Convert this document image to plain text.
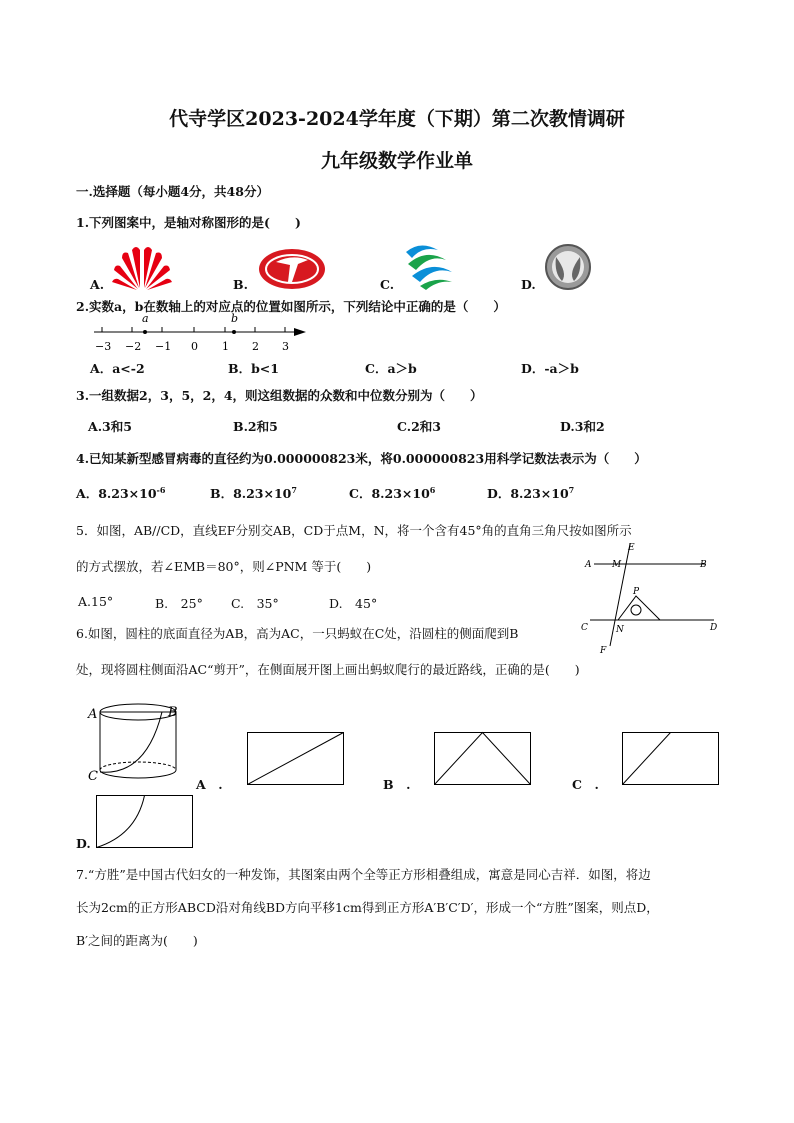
代寺学区2023-2024学年度（下期）第二次教情调研
九年级数学作业单
一.选择题（每小题4分，共48分）
1.下列图案中，是轴对称图形的是(　　)
A.	B.	C.	D.
2.实数a，b在数轴上的对应点的位置如图所示，下列结论中正确的是（　　）
a	b
−3 −2 −1 0 1 2 3
A．a<-2	B．b<1	C．a＞b	D．-a＞b
3.一组数据2，3，5，2，4，则这组数据的众数和中位数分别为（　　）
A.3和5	B.2和5	C.2和3	D.3和2
4.已知某新型感冒病毒的直径约为0.000000823米，将0.000000823用科学记数法表示为（　　）
A．$8.23\times 10^{-6}$	B．$8.23\times 10^7$	C．$8.23\times 10^6$	D．$8.23\times 10^7$
5．如图，AB//CD，直线EF分别交AB，CD于点M，N，将一个含有45°角的直角三角尺按如图所示
的方式摆放，若∠EMB＝80°，则∠PNM 等于(　　)
A.15°	B.　25° C.　35°	D.　45°
A	B
C	D
E
F
M
N
P
6.如图，圆柱的底面直径为AB，高为AC，一只蚂蚁在C处，沿圆柱的侧面爬到B
处，现将圆柱侧面沿AC“剪开”，在侧面展开图上画出蚂蚁爬行的最近路线，正确的是(　　)
A	B
C
A　.	B　.	C　.
D.
7.“方胜”是中国古代妇女的一种发饰，其图案由两个全等正方形相叠组成，寓意是同心吉祥．如图，将边
长为2cm的正方形ABCD沿对角线BD方向平移1cm得到正方形A′B′C′D′，形成一个“方胜”图案，则点D，
B′之间的距离为(　　)
